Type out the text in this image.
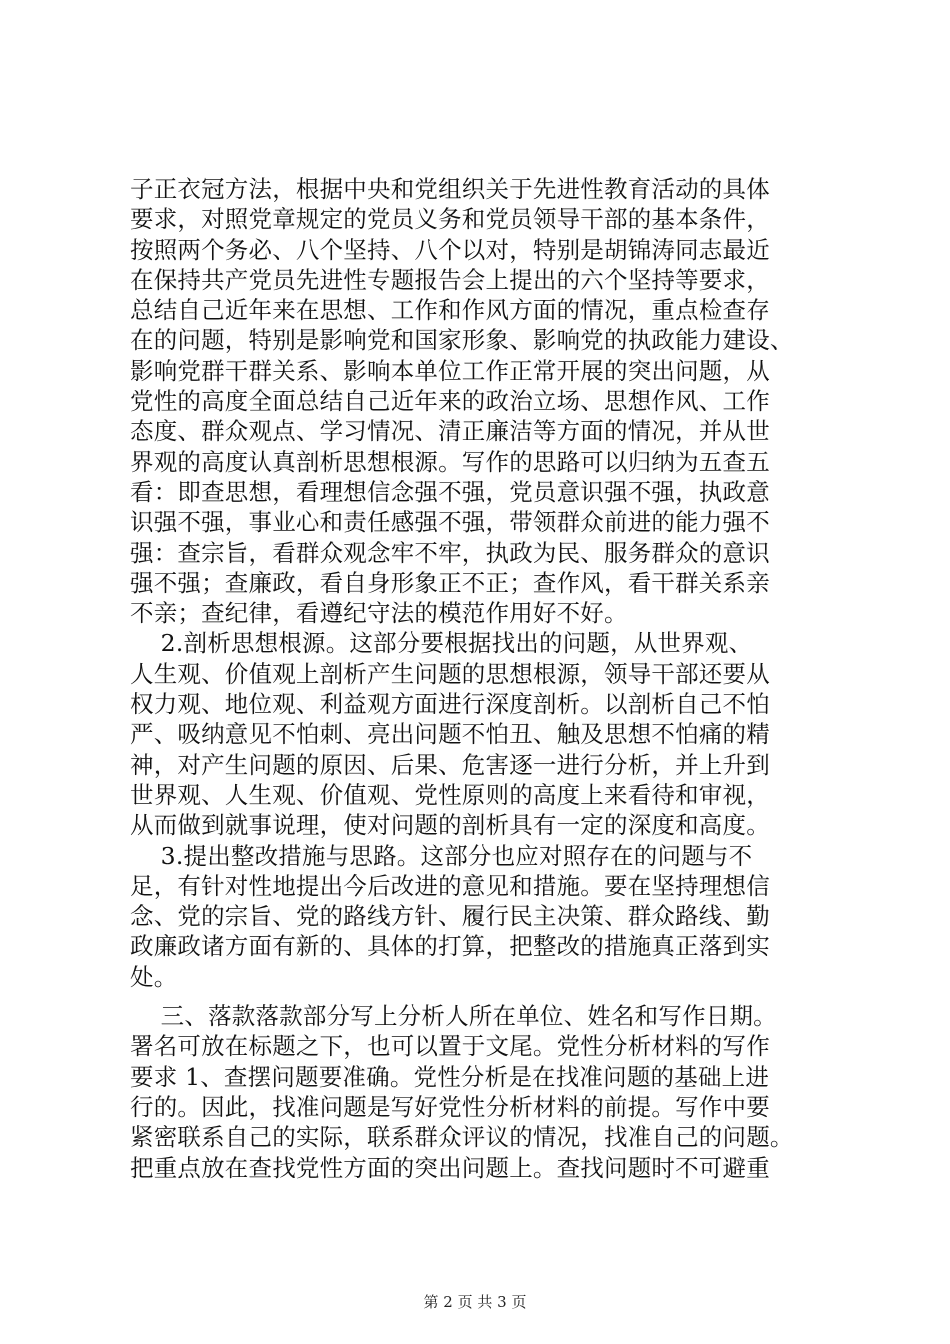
子正衣冠方法，根据中央和党组织关于先进性教育活动的具体
要求，对照党章规定的党员义务和党员领导干部的基本条件，
按照两个务必、八个坚持、八个以对，特别是胡锦涛同志最近
在保持共产党员先进性专题报告会上提出的六个坚持等要求，
总结自己近年来在思想、工作和作风方面的情况，重点检查存
在的问题，特别是影响党和国家形象、影响党的执政能力建设、
影响党群干群关系、影响本单位工作正常开展的突出问题，从
党性的高度全面总结自己近年来的政治立场、思想作风、工作
态度、群众观点、学习情况、清正廉洁等方面的情况，并从世
界观的高度认真剖析思想根源。写作的思路可以归纳为五查五
看：即查思想，看理想信念强不强，党员意识强不强，执政意
识强不强，事业心和责任感强不强，带领群众前进的能力强不
强：查宗旨，看群众观念牢不牢，执政为民、服务群众的意识
强不强；查廉政，看自身形象正不正；查作风，看干群关系亲
不亲；查纪律，看遵纪守法的模范作用好不好。
2.剖析思想根源。这部分要根据找出的问题，从世界观、
人生观、价值观上剖析产生问题的思想根源，领导干部还要从
权力观、地位观、利益观方面进行深度剖析。以剖析自己不怕
严、吸纳意见不怕刺、亮出问题不怕丑、触及思想不怕痛的精
神，对产生问题的原因、后果、危害逐一进行分析，并上升到
世界观、人生观、价值观、党性原则的高度上来看待和审视，
从而做到就事说理，使对问题的剖析具有一定的深度和高度。
3.提出整改措施与思路。这部分也应对照存在的问题与不
足，有针对性地提出今后改进的意见和措施。要在坚持理想信
念、党的宗旨、党的路线方针、履行民主决策、群众路线、勤
政廉政诸方面有新的、具体的打算，把整改的措施真正落到实
处。
三、落款落款部分写上分析人所在单位、姓名和写作日期。
署名可放在标题之下，也可以置于文尾。党性分析材料的写作
要求 1、查摆问题要准确。党性分析是在找准问题的基础上进
行的。因此，找准问题是写好党性分析材料的前提。写作中要
紧密联系自己的实际，联系群众评议的情况，找准自己的问题。
把重点放在查找党性方面的突出问题上。查找问题时不可避重
第 2 页 共 3 页
